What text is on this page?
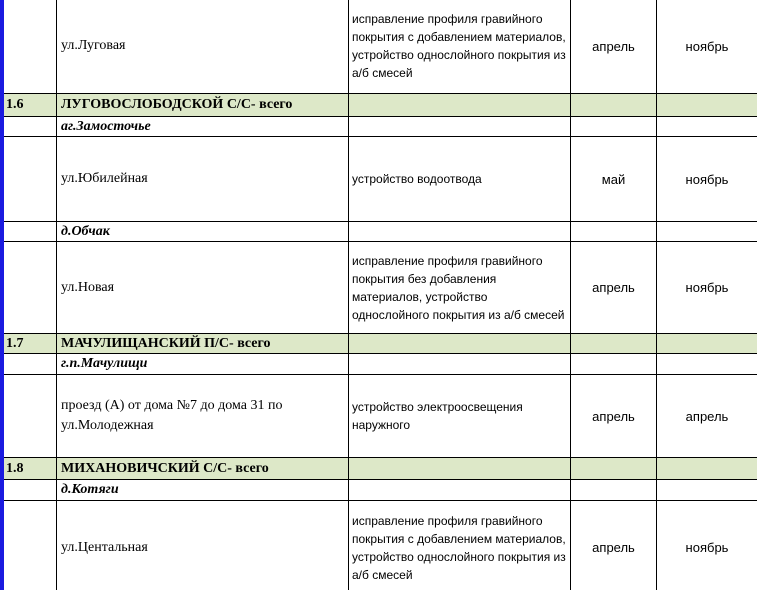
	ул.Луговая	исправление профиля гравийного покрытия с добавлением материалов, устройство однослойного покрытия из а/б смесей	апрель	ноябрь
1.6	ЛУГОВОСЛОБОДСКОЙ С/С- всего			
	аг.Замосточье			
	ул.Юбилейная	устройство водоотвода	май	ноябрь
	д.Обчак			
	ул.Новая	исправление профиля гравийного покрытия без добавления материалов, устройство однослойного покрытия из а/б смесей	апрель	ноябрь
1.7	МАЧУЛИЩАНСКИЙ П/С- всего			
	г.п.Мачулищи			
	проезд (А) от дома №7 до дома 31 по ул.Молодежная	устройство электроосвещения наружного	апрель	апрель
1.8	МИХАНОВИЧСКИЙ С/С- всего			
	д.Котяги			
	ул.Центальная	исправление профиля гравийного покрытия с добавлением материалов, устройство однослойного покрытия из а/б смесей	апрель	ноябрь
